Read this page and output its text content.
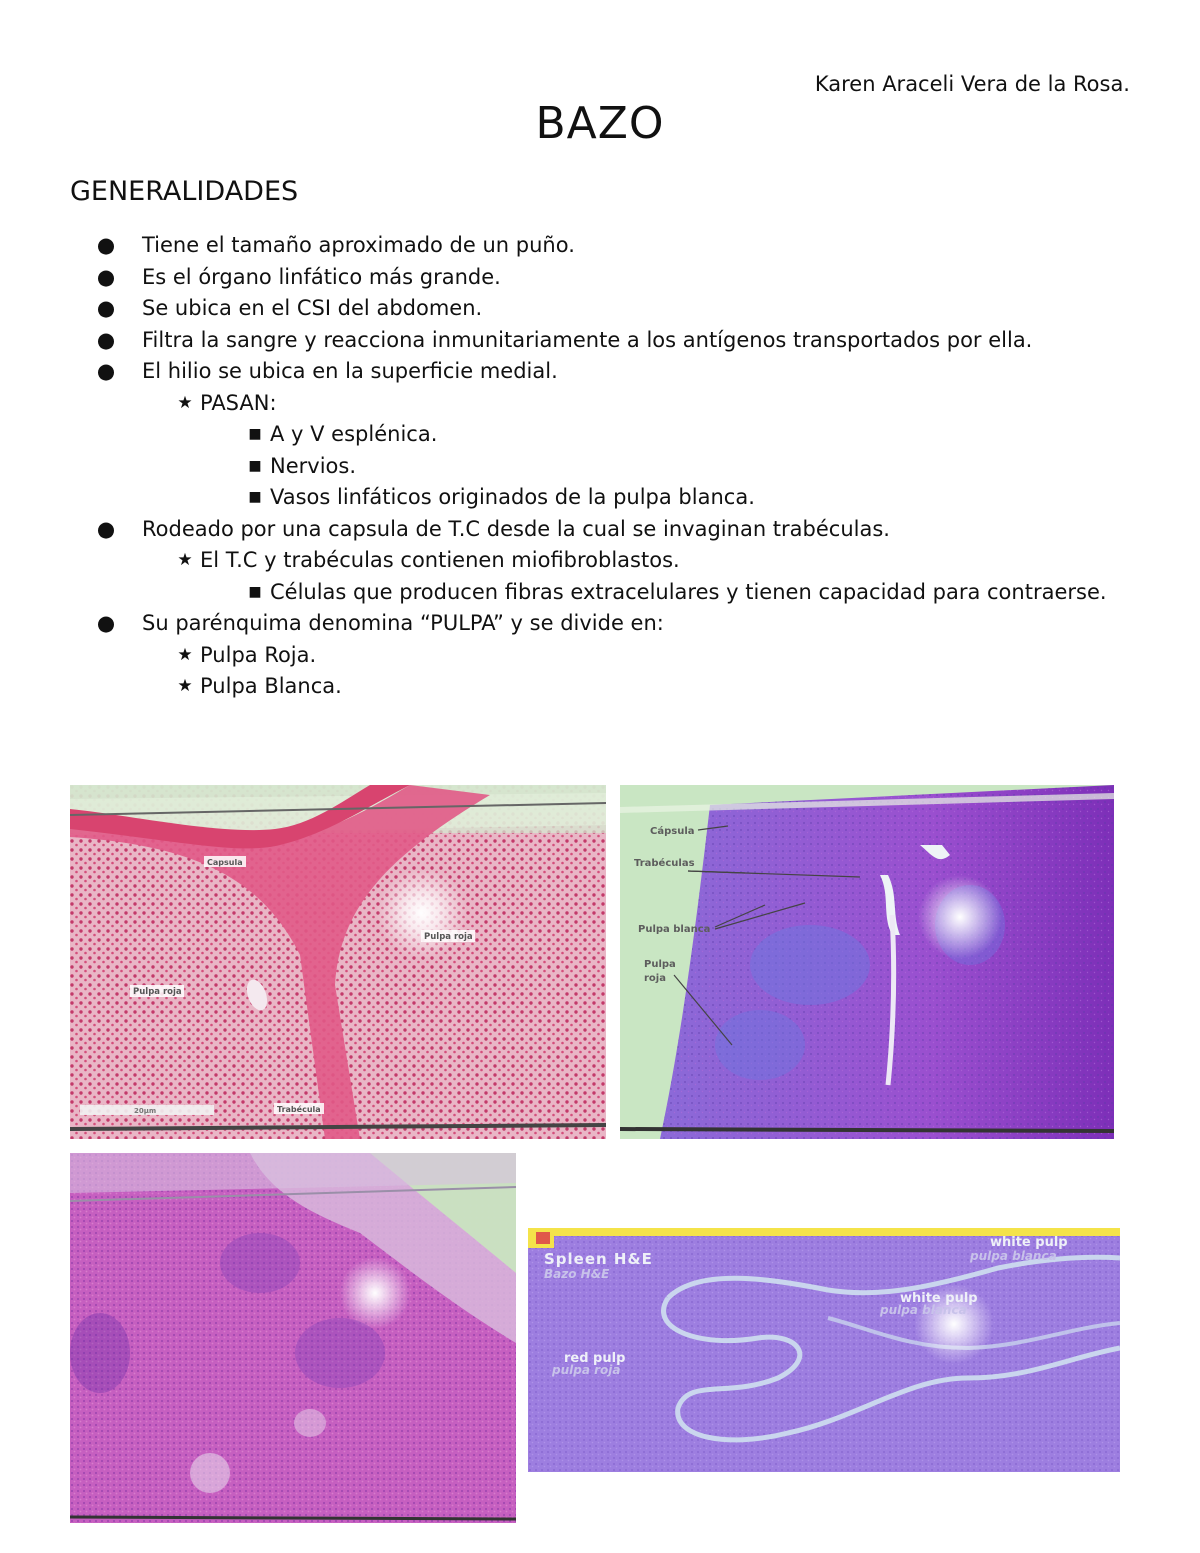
Karen Araceli Vera de la Rosa.
BAZO
GENERALIDADES
●	Tiene el tamaño aproximado de un puño.
●	Es el órgano linfático más grande.
●	Se ubica en el CSI del abdomen.
●	Filtra la sangre y reacciona inmunitariamente a los antígenos transportados por ella.
●	El hilio se ubica en la superficie medial.
★ PASAN:
■ A y V esplénica.
■ Nervios.
■ Vasos linfáticos originados de la pulpa blanca.
●	Rodeado por una capsula de T.C desde la cual se invaginan trabéculas.
★ El T.C y trabéculas contienen miofibroblastos.
■ Células que producen fibras extracelulares y tienen capacidad para contraerse.
●	Su parénquima denomina “PULPA” y se divide en:
★ Pulpa Roja.
★ Pulpa Blanca.
Capsula
Pulpa roja
Pulpa roja
Trabécula
20µm
Cápsula
Trabéculas
Pulpa blanca
Pulpa
roja
Spleen H&E
Bazo H&E
white pulp
pulpa blanca
white pulp
pulpa blanca
red pulp
pulpa roja
